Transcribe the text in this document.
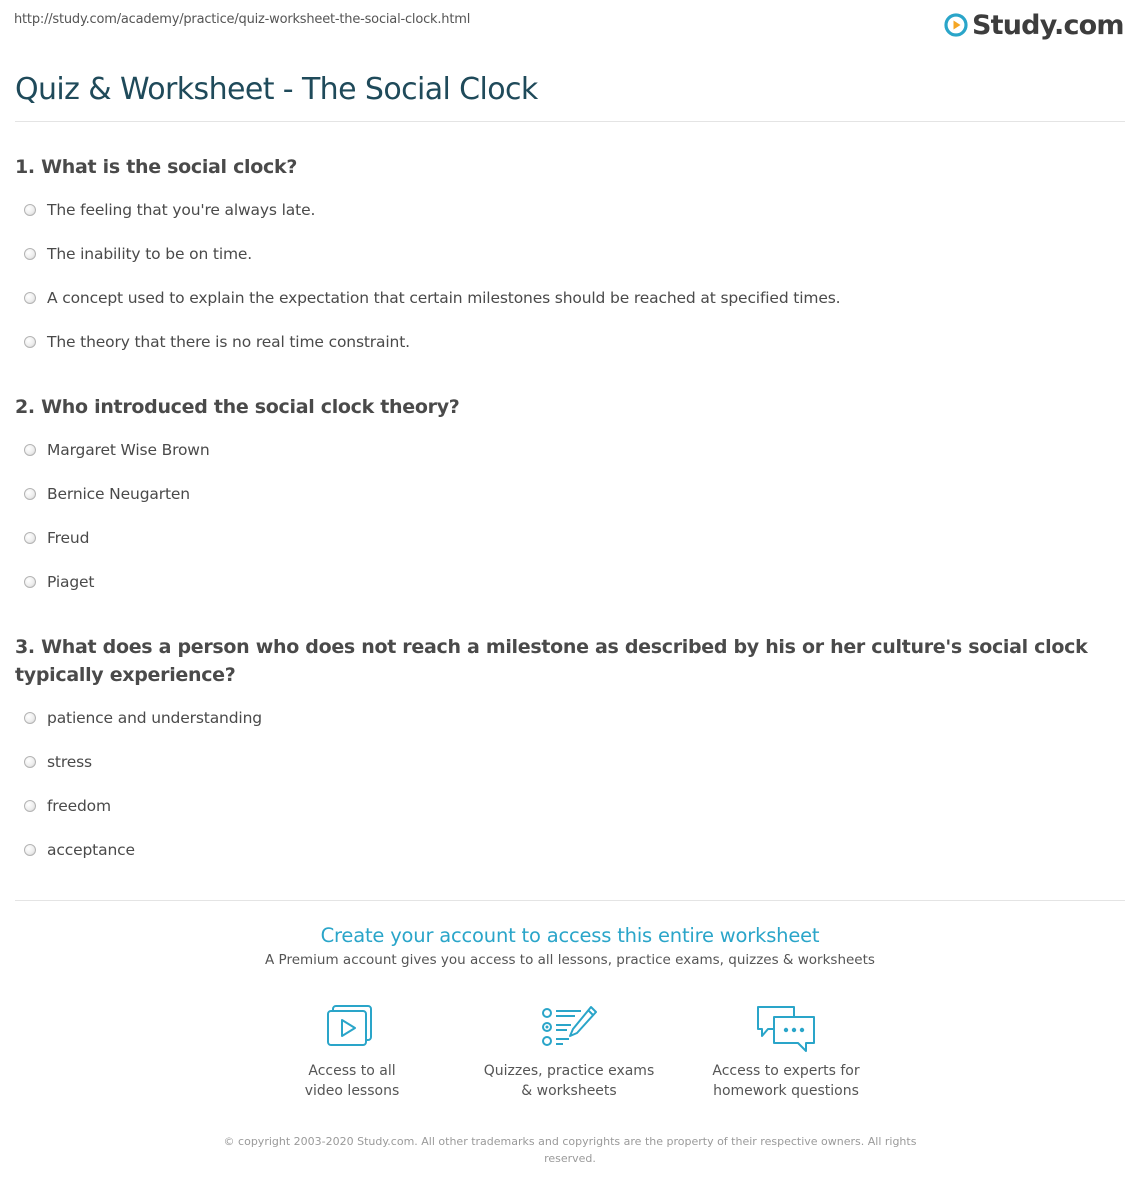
http://study.com/academy/practice/quiz-worksheet-the-social-clock.html	Study.com
Quiz & Worksheet - The Social Clock

1. What is the social clock?

The feeling that you're always late.
The inability to be on time.
A concept used to explain the expectation that certain milestones should be reached at specified times.
The theory that there is no real time constraint.

2. Who introduced the social clock theory?

Margaret Wise Brown
Bernice Neugarten
Freud
Piaget

3. What does a person who does not reach a milestone as described by his or her culture's social clock typically experience?

patience and understanding
stress
freedom
acceptance

Create your account to access this entire worksheet

A Premium account gives you access to all lessons, practice exams, quizzes & worksheets
Access to all
video lessons
Quizzes, practice exams
& worksheets
Access to experts for
homework questions
© copyright 2003-2020 Study.com. All other trademarks and copyrights are the property of their respective owners. All rights reserved.
